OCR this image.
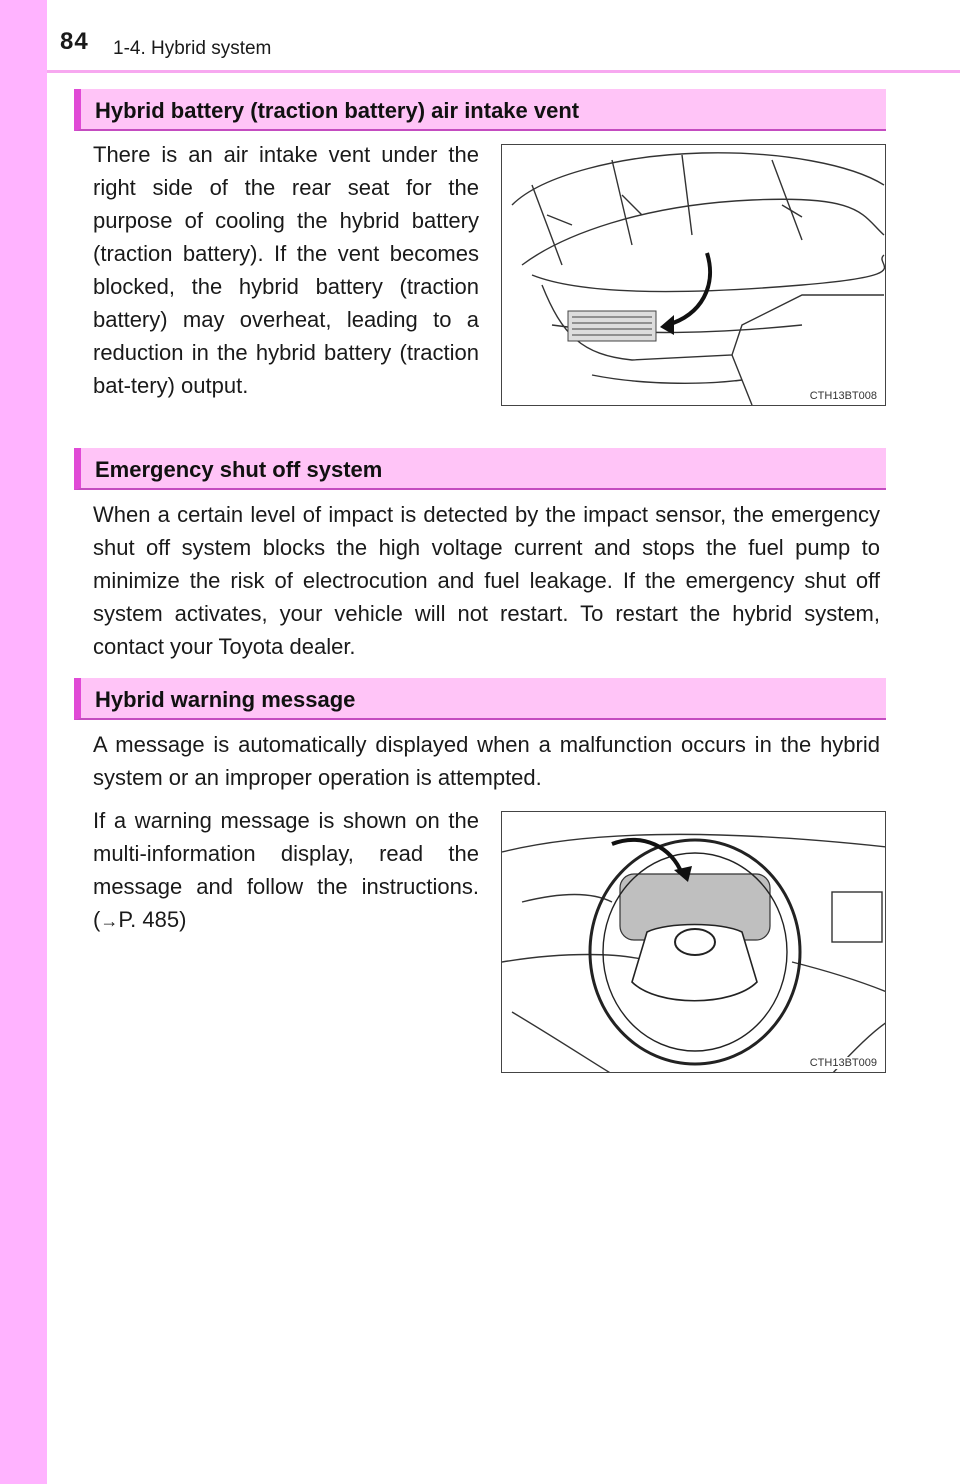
84 1-4. Hybrid system
Hybrid battery (traction battery) air intake vent

There is an air intake vent under the right side of the rear seat for the purpose of cooling the hybrid battery (traction battery). If the vent becomes blocked, the hybrid battery (traction battery) may overheat, leading to a reduction in the hybrid battery (traction bat-tery) output.	CTH13BT008
Emergency shut off system

When a certain level of impact is detected by the impact sensor, the emergency shut off system blocks the high voltage current and stops the fuel pump to minimize the risk of electrocution and fuel leakage. If the emergency shut off system activates, your vehicle will not restart. To restart the hybrid system, contact your Toyota dealer.

Hybrid warning message

A message is automatically displayed when a malfunction occurs in the hybrid system or an improper operation is attempted.

If a warning message is shown on the multi-information display, read the message and follow the instructions. (→P. 485)

CTH13BT009
